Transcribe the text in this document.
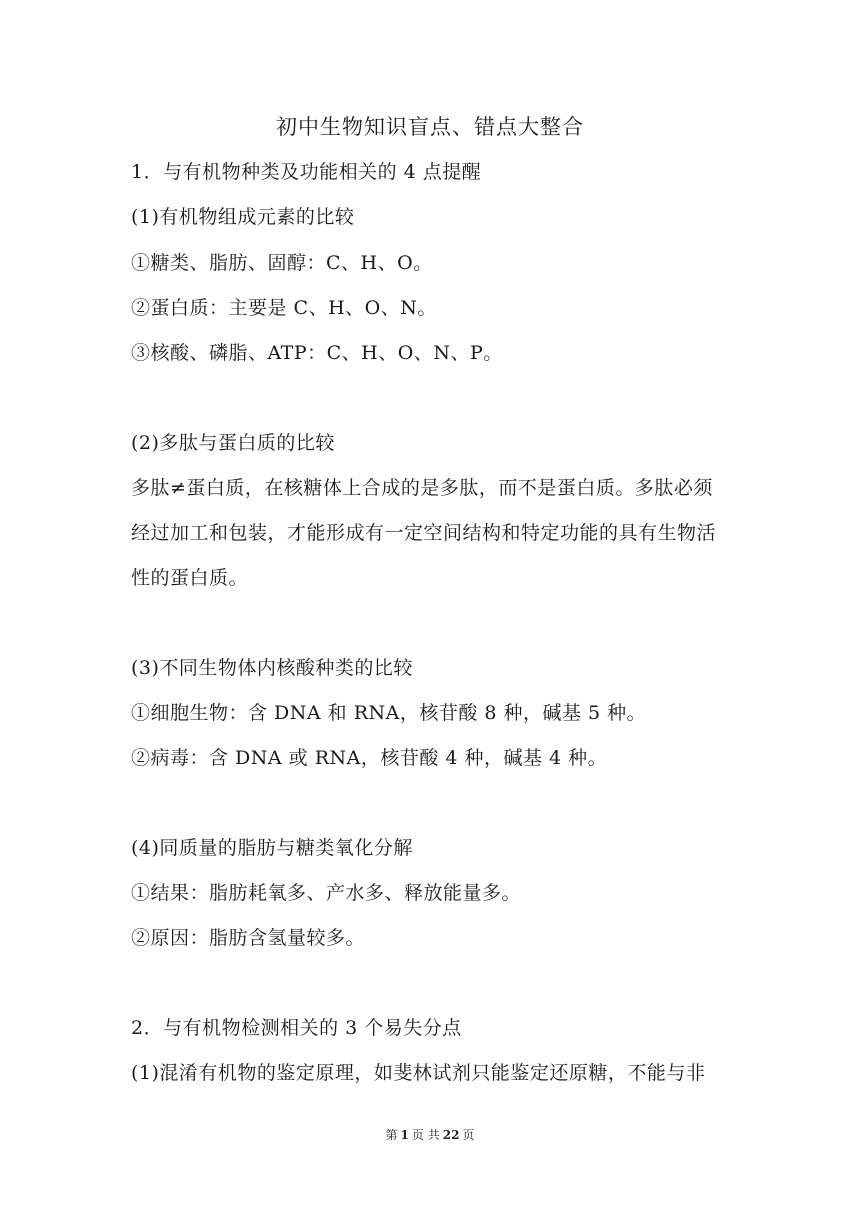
初中生物知识盲点、错点大整合
1．与有机物种类及功能相关的 4 点提醒
(1)有机物组成元素的比较
①糖类、脂肪、固醇：C、H、O。
②蛋白质：主要是 C、H、O、N。
③核酸、磷脂、ATP：C、H、O、N、P。
(2)多肽与蛋白质的比较
多肽≠蛋白质，在核糖体上合成的是多肽，而不是蛋白质。多肽必须
经过加工和包装，才能形成有一定空间结构和特定功能的具有生物活
性的蛋白质。
(3)不同生物体内核酸种类的比较
①细胞生物：含 DNA 和 RNA，核苷酸 8 种，碱基 5 种。
②病毒：含 DNA 或 RNA，核苷酸 4 种，碱基 4 种。
(4)同质量的脂肪与糖类氧化分解
①结果：脂肪耗氧多、产水多、释放能量多。
②原因：脂肪含氢量较多。
2．与有机物检测相关的 3 个易失分点
(1)混淆有机物的鉴定原理，如斐林试剂只能鉴定还原糖，不能与非
第 1 页 共 22 页
